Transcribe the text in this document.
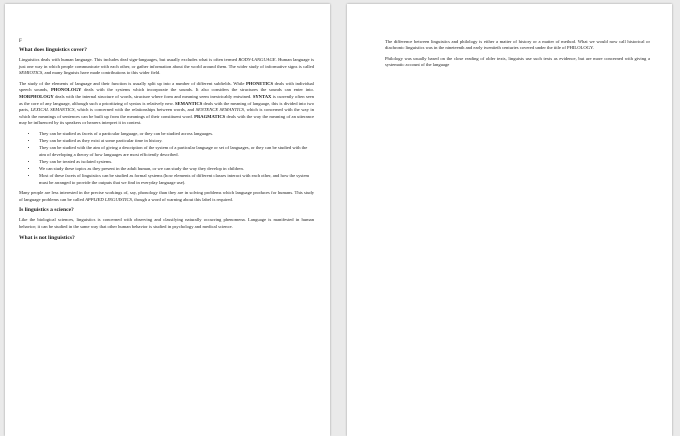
F

What does linguistics cover?

Linguistics deals with human language. This includes deaf sign-languages, but usually excludes what is often termed BODY-LANGUAGE. Human language is just one way in which people communicate with each other, or gather information about the world around them. The wider study of informative signs is called SEMIOTICS, and many linguists have made contributions to this wider field.

The study of the elements of language and their function is usually split up into a number of different subfields. While PHONETICS deals with individual speech sounds, PHONOLOGY deals with the systems which incorporate the sounds. It also considers the structures the sounds can enter into. MORPHOLOGY deals with the internal structure of words, structure where form and meaning seem inextricably entwined. SYNTAX is currently often seen as the core of any language, although such a prioritizing of syntax is relatively new. SEMANTICS deals with the meaning of language, this is divided into two parts, LEXICAL SEMANTICS, which is concerned with the relationships between words, and SENTENCE SEMANTICS, which is concerned with the way in which the meanings of sentences can be built up from the meanings of their constituent word. PRAGMATICS deals with the way the meaning of an utterance may be influenced by its speakers or hearers interpret it in context.

• They can be studied as facets of a particular language, or they can be studied across languages.
• They can be studied as they exist at some particular time in history.
• They can be studied with the aim of giving a description of the system of a particular language or set of languages, or they can be studied with the aim of developing a theory of how languages are most efficiently described.
• They can be treated as isolated systems.
• We can study these topics as they present in the adult human, or we can study the way they develop in children.
• Most of these facets of linguistics can be studied as formal systems (how elements of different classes interact with each other, and how the system must be arranged to provide the outputs that we find in everyday language use).

Many people are less interested in the precise workings of, say, phonology than they are in solving problems which language produces for humans. This study of language problems can be called APPLIED LINGUISTICS, though a word of warning about this label is required.

Is linguistics a science?

Like the biological sciences, linguistics is concerned with observing and classifying naturally occurring phenomena. Language is manifested in human behavior; it can be studied in the same way that other human behavior is studied in psychology and medical science.

What is not linguistics?

The difference between linguistics and philology is either a matter of history or a matter of method. What we would now call historical or diachronic linguistics was in the nineteenth and early twentieth centuries covered under the title of PHILOLOGY.

Philology was usually based on the close reading of older texts, linguists use such texts as evidence, but are more concerned with giving a systematic account of the language
